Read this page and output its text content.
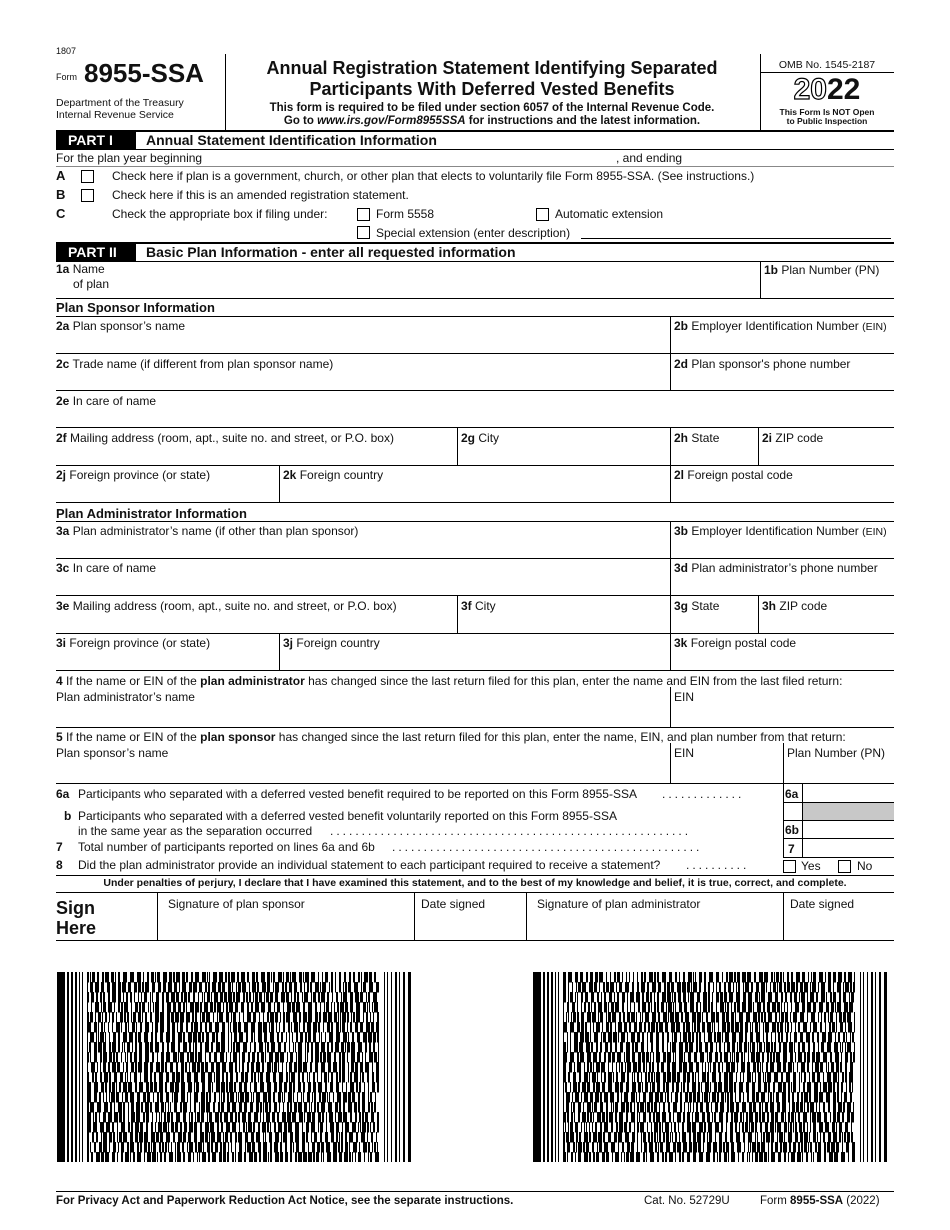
1807
Form 8955-SSA
Department of the Treasury
Internal Revenue Service
Annual Registration Statement Identifying Separated
Participants With Deferred Vested Benefits
This form is required to be filed under section 6057 of the Internal Revenue Code.
Go to www.irs.gov/Form8955SSA for instructions and the latest information.
OMB No. 1545-2187
2022
This Form Is NOT Open
to Public Inspection
PART I	Annual Statement Identification Information
For the plan year beginning	, and ending
A	Check here if plan is a government, church, or other plan that elects to voluntarily file Form 8955-SSA. (See instructions.)
B	Check here if this is an amended registration statement.
C	Check the appropriate box if filing under:	Form 5558	Automatic extension
Special extension (enter description)
PART II	Basic Plan Information - enter all requested information
1a Name
of plan
1b Plan Number (PN)
Plan Sponsor Information
2a Plan sponsor’s name	2b Employer Identification Number (EIN)
2c Trade name (if different from plan sponsor name)	2d Plan sponsor's phone number
2e In care of name
2f Mailing address (room, apt., suite no. and street, or P.O. box)	2g City	2h State	2i ZIP code
2j Foreign province (or state)	2k Foreign country	2l Foreign postal code
Plan Administrator Information
3a Plan administrator’s name (if other than plan sponsor)	3b Employer Identification Number (EIN)
3c In care of name	3d Plan administrator’s phone number
3e Mailing address (room, apt., suite no. and street, or P.O. box)	3f City	3g State	3h ZIP code
3i Foreign province (or state)	3j Foreign country	3k Foreign postal code
4 If the name or EIN of the plan administrator has changed since the last return filed for this plan, enter the name and EIN from the last filed return:
Plan administrator’s name	EIN
5 If the name or EIN of the plan sponsor has changed since the last return filed for this plan, enter the name, EIN, and plan number from that return:
Plan sponsor’s name	EIN	Plan Number (PN)
6a Participants who separated with a deferred vested benefit required to be reported on this Form 8955-SSA .............	6a
b Participants who separated with a deferred vested benefit voluntarily reported on this Form 8955-SSA
in the same year as the separation occurred .........................................................	6b
7 Total number of participants reported on lines 6a and 6b .................................................	7
8 Did the plan administrator provide an individual statement to each participant required to receive a statement? ..........	Yes	No
Under penalties of perjury, I declare that I have examined this statement, and to the best of my knowledge and belief, it is true, correct, and complete.
Sign
Here
Signature of plan sponsor	Date signed	Signature of plan administrator	Date signed
For Privacy Act and Paperwork Reduction Act Notice, see the separate instructions.	Cat. No. 52729U	Form 8955-SSA (2022)
